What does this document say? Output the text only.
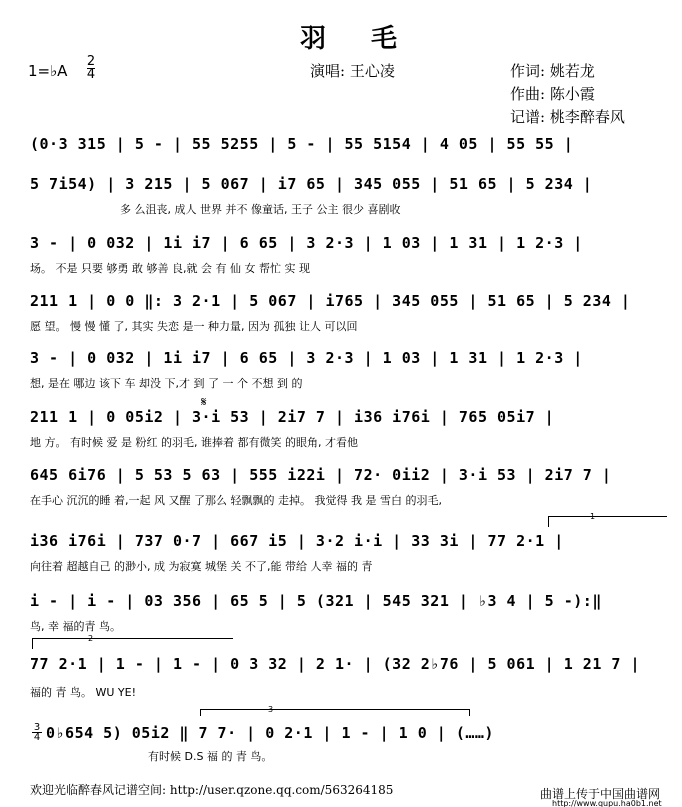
羽 毛
1=♭A
2
4	演唱: 王心凌	作词: 姚若龙
作曲: 陈小霞
记谱: 桃李醉春风
(0·3 315 | 5 - | 55 5255 | 5 - | 55 5154 | 4 05 | 55 55 |
5 7i54) | 3 215 | 5 067 | i7 65 | 345 055 | 51 65 | 5 234 |
多 么沮丧, 成人 世界 并不 像童话, 王子 公主 很少 喜剧收
3 - | 0 032 | 1i i7 | 6 65 | 3 2·3 | 1 03 | 1 31 | 1 2·3 |
场。 不是 只要 够勇 敢 够善 良,就 会 有 仙 女 帮忙 实 现
211 1 | 0 0 ‖: 3 2·1 | 5 067 | i765 | 345 055 | 51 65 | 5 234 |
愿 望。 慢 慢 懂 了, 其实 失恋 是一 种力量, 因为 孤独 让人 可以回
3 - | 0 032 | 1i i7 | 6 65 | 3 2·3 | 1 03 | 1 31 | 1 2·3 |
想, 是在 哪边 该下 车 却没 下,才 到 了 一 个 不想 到 的
211 1 | 0 05i2 | 3·i 53 | 2i7 7 | i36 i76i | 765 05i7 |
地 方。 有时候 爱 是 粉红 的羽毛, 谁捧着 都有微笑 的眼角, 才看他
645 6i76 | 5 53 5 63 | 555 i22i | 72· 0ii2 | 3·i 53 | 2i7 7 |
在手心 沉沉的睡 着,一起 风 又醒 了那么 轻飘飘的 走掉。 我觉得 我 是 雪白 的羽毛,
i36 i76i | 737 0·7 | 667 i5 | 3·2 i·i | 33 3i | 77 2·1 |
向往着 超越自己 的渺小, 成 为寂寞 城堡 关 不了,能 带给 人幸 福的 青
i - | i - | 03 356 | 65 5 | 5 (321 | 545 321 | ♭3 4 | 5 -):‖
鸟, 幸 福的青 鸟。
77 2·1 | 1 - | 1 - | 0 3 32 | 2 1· | (32 2♭76 | 5 061 | 1 21 7 |
福的 青 鸟。 WU YE!
3
4 0♭654 5) 05i2 ‖ 7 7· | 0 2·1 | 1 - | 1 0 | (……)
有时候 D.S 福 的 青 鸟。
1
2
3
𝄋
欢迎光临醉春风记谱空间: http://user.qzone.qq.com/563264185	曲谱上传于中国曲谱网
http://www.qupu.ha0b1.net
